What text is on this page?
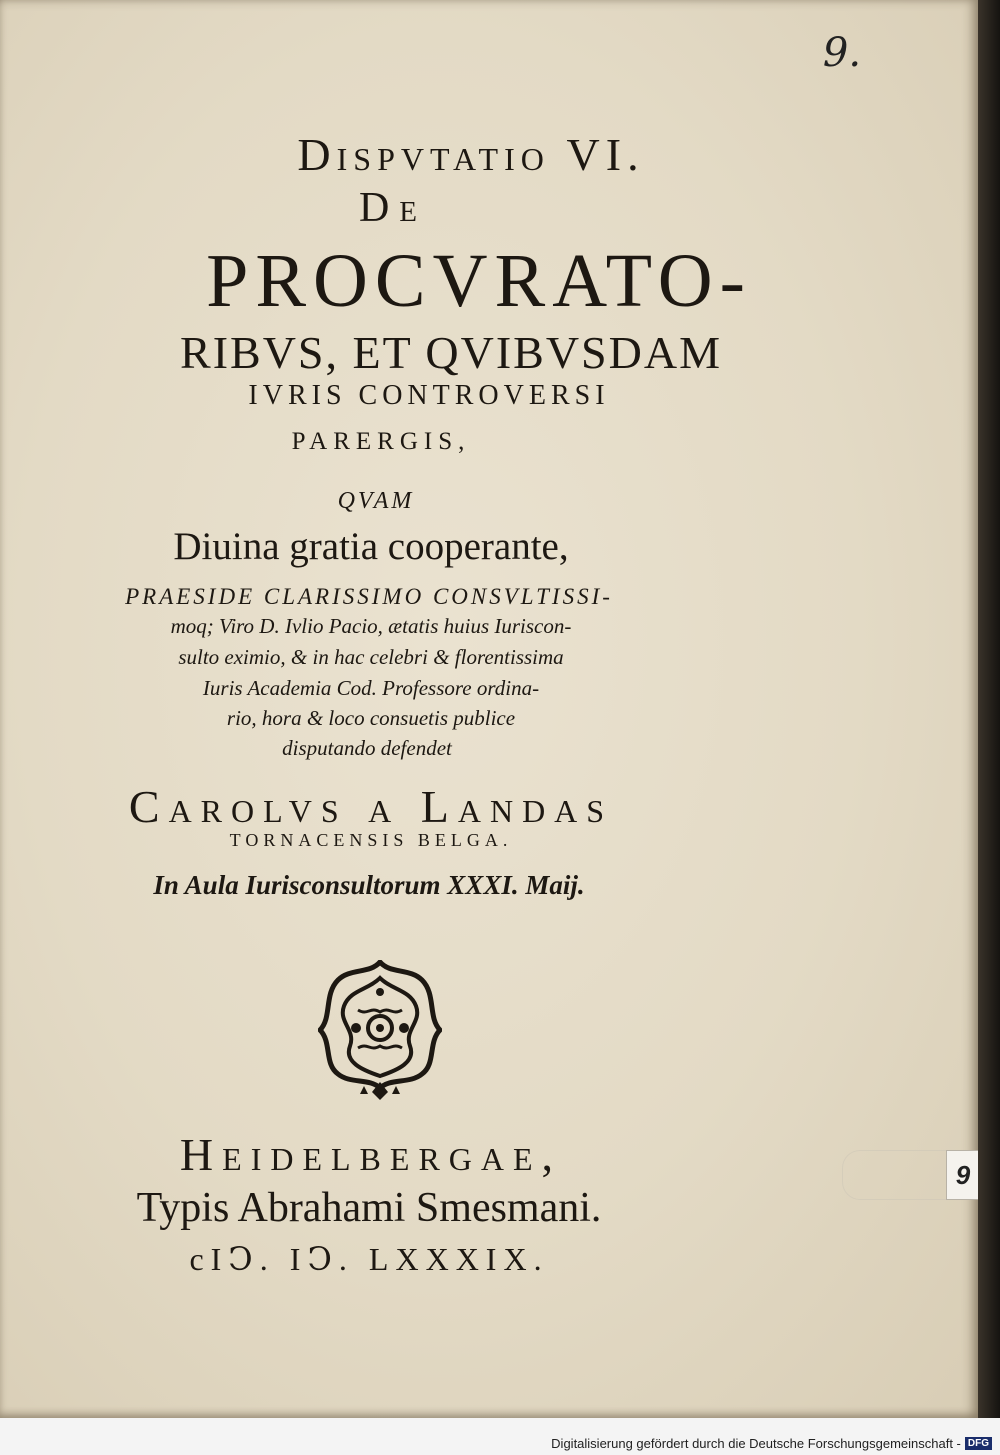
9.
Dispvtatio VI.
De
PROCVRATO-
RIBVS, ET QVIBVSDAM
IVRIS CONTROVERSI
PARERGIS,
QVAM
Diuina gratia cooperante,
PRAESIDE CLARISSIMO CONSVLTISSI-
moq; Viro D. Ivlio Pacio, ætatis huius Iuriscon-
sulto eximio, & in hac celebri & florentissima
Iuris Academia Cod. Professore ordina-
rio, hora & loco consuetis publice
disputando defendet
Carolvs a Landas
TORNACENSIS BELGA.
In Aula Iurisconsultorum XXXI. Maij.
Heidelbergae,
Typis Abrahami Smesmani.
cIↃ. IↃ. LXXXIX.
9
Digitalisierung gefördert durch die Deutsche Forschungsgemeinschaft - DFG
